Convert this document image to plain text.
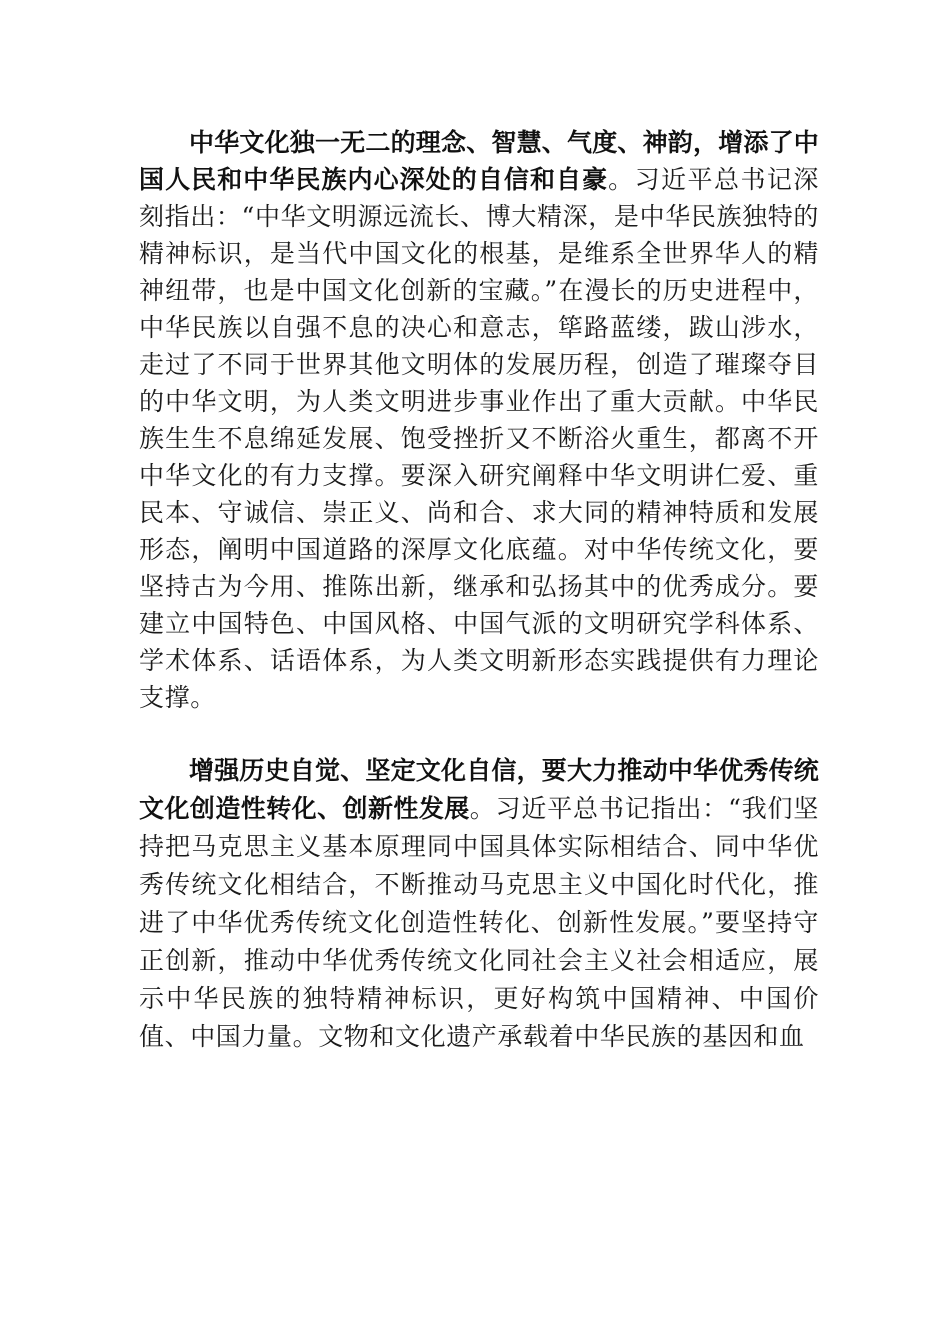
中华文化独一无二的理念、智慧、气度、神韵，增添了中国人民和中华民族内心深处的自信和自豪。习近平总书记深刻指出：“中华文明源远流长、博大精深，是中华民族独特的精神标识，是当代中国文化的根基，是维系全世界华人的精神纽带，也是中国文化创新的宝藏。”在漫长的历史进程中，中华民族以自强不息的决心和意志，筚路蓝缕，跋山涉水，走过了不同于世界其他文明体的发展历程，创造了璀璨夺目的中华文明，为人类文明进步事业作出了重大贡献。中华民族生生不息绵延发展、饱受挫折又不断浴火重生，都离不开中华文化的有力支撑。要深入研究阐释中华文明讲仁爱、重民本、守诚信、崇正义、尚和合、求大同的精神特质和发展形态，阐明中国道路的深厚文化底蕴。对中华传统文化，要坚持古为今用、推陈出新，继承和弘扬其中的优秀成分。要建立中国特色、中国风格、中国气派的文明研究学科体系、学术体系、话语体系，为人类文明新形态实践提供有力理论支撑。

增强历史自觉、坚定文化自信，要大力推动中华优秀传统文化创造性转化、创新性发展。习近平总书记指出：“我们坚持把马克思主义基本原理同中国具体实际相结合、同中华优秀传统文化相结合，不断推动马克思主义中国化时代化，推进了中华优秀传统文化创造性转化、创新性发展。”要坚持守正创新，推动中华优秀传统文化同社会主义社会相适应，展示中华民族的独特精神标识，更好构筑中国精神、中国价值、中国力量。文物和文化遗产承载着中华民族的基因和血
